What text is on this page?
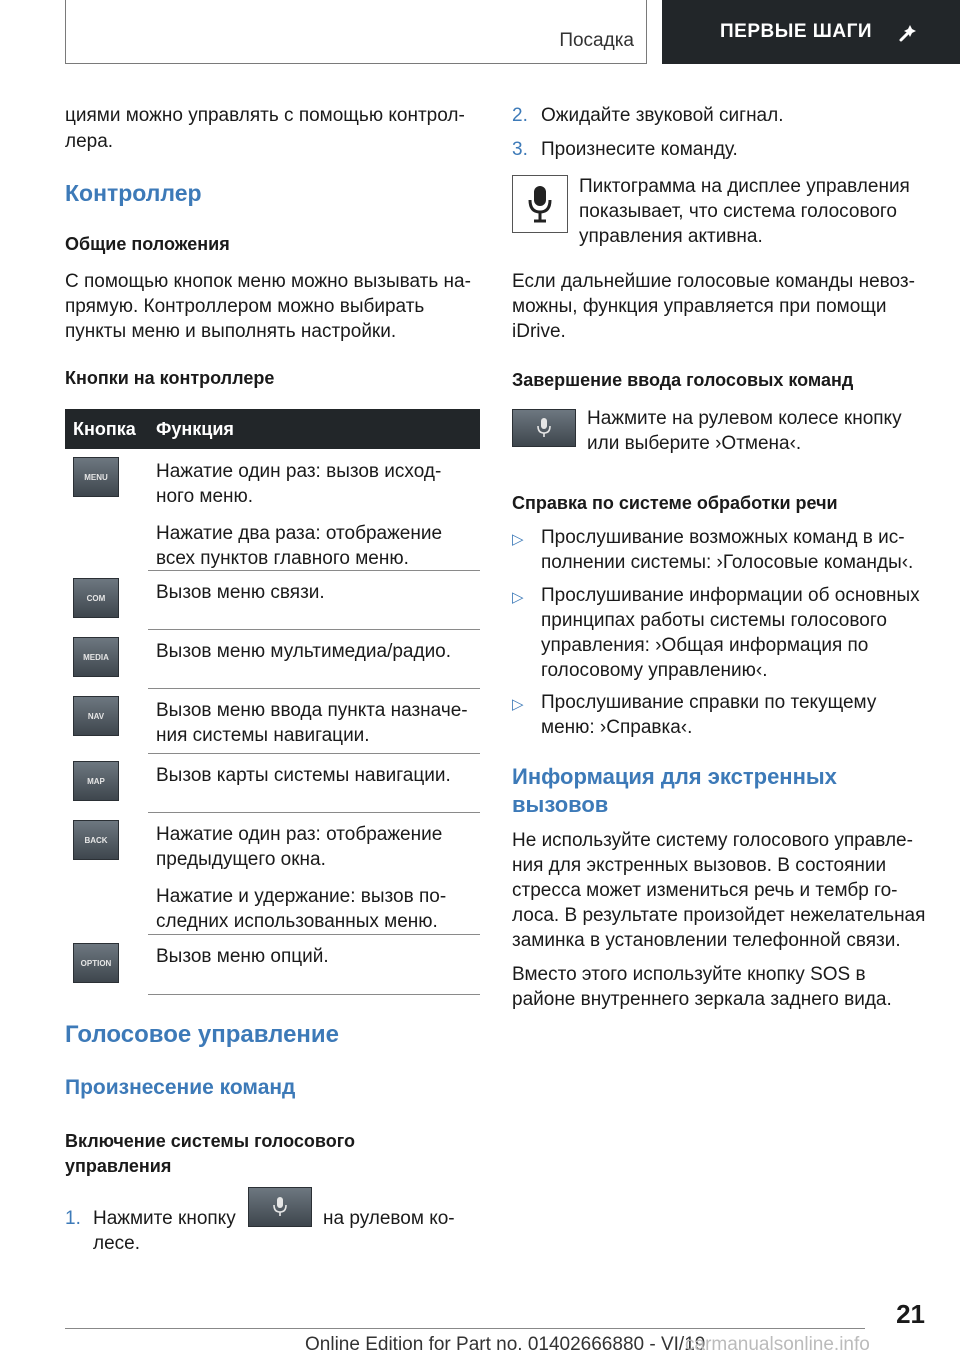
Посадка	ПЕРВЫЕ ШАГИ

циями можно управлять с помощью контрол-

лера.

Контроллер
Общие положения

С помощью кнопок меню можно вызывать на-

прямую. Контроллером можно выбирать

пункты меню и выполнять настройки.

Кнопки на контроллере
Кнопка Функция
MENU	Нажатие один раз: вызов исход-
ного меню.
Нажатие два раза: отображение
всех пунктов главного меню.
COM	Вызов меню связи.
MEDIA	Вызов меню мультимедиа/радио.
NAV	Вызов меню ввода пункта назначе-
ния системы навигации.
MAP	Вызов карты системы навигации.
BACK	Нажатие один раз: отображение
предыдущего окна.
Нажатие и удержание: вызов по-
следних использованных меню.
OPTION	Вызов меню опций.
Голосовое управление
Произнесение команд
Включение системы голосового
управления
1. Нажмите кнопку	на рулевом ко-
лесе.
2. Ожидайте звуковой сигнал.
3. Произнесите команду.

Пиктограмма на дисплее управления

показывает, что система голосового

управления активна.

Если дальнейшие голосовые команды невоз-

можны, функция управляется при помощи

iDrive.

Завершение ввода голосовых команд

Нажмите на рулевом колесе кнопку

или выберите ›Отмена‹.

Справка по системе обработки речи
▷ Прослушивание возможных команд в ис-

полнении системы: ›Голосовые команды‹.

▷ Прослушивание информации об основных

принципах работы системы голосового

управления: ›Общая информация по

голосовому управлению‹.

▷ Прослушивание справки по текущему

меню: ›Справка‹.

Информация для экстренных
вызовов

Не используйте систему голосового управле-

ния для экстренных вызовов. В состоянии

стресса может измениться речь и тембр го-

лоса. В результате произойдет нежелательная

заминка в установлении телефонной связи.

Вместо этого используйте кнопку SOS в

районе внутреннего зеркала заднего вида.

21
Online Edition for Part no. 01402666880 - VI/19
carmanualsonline.info
